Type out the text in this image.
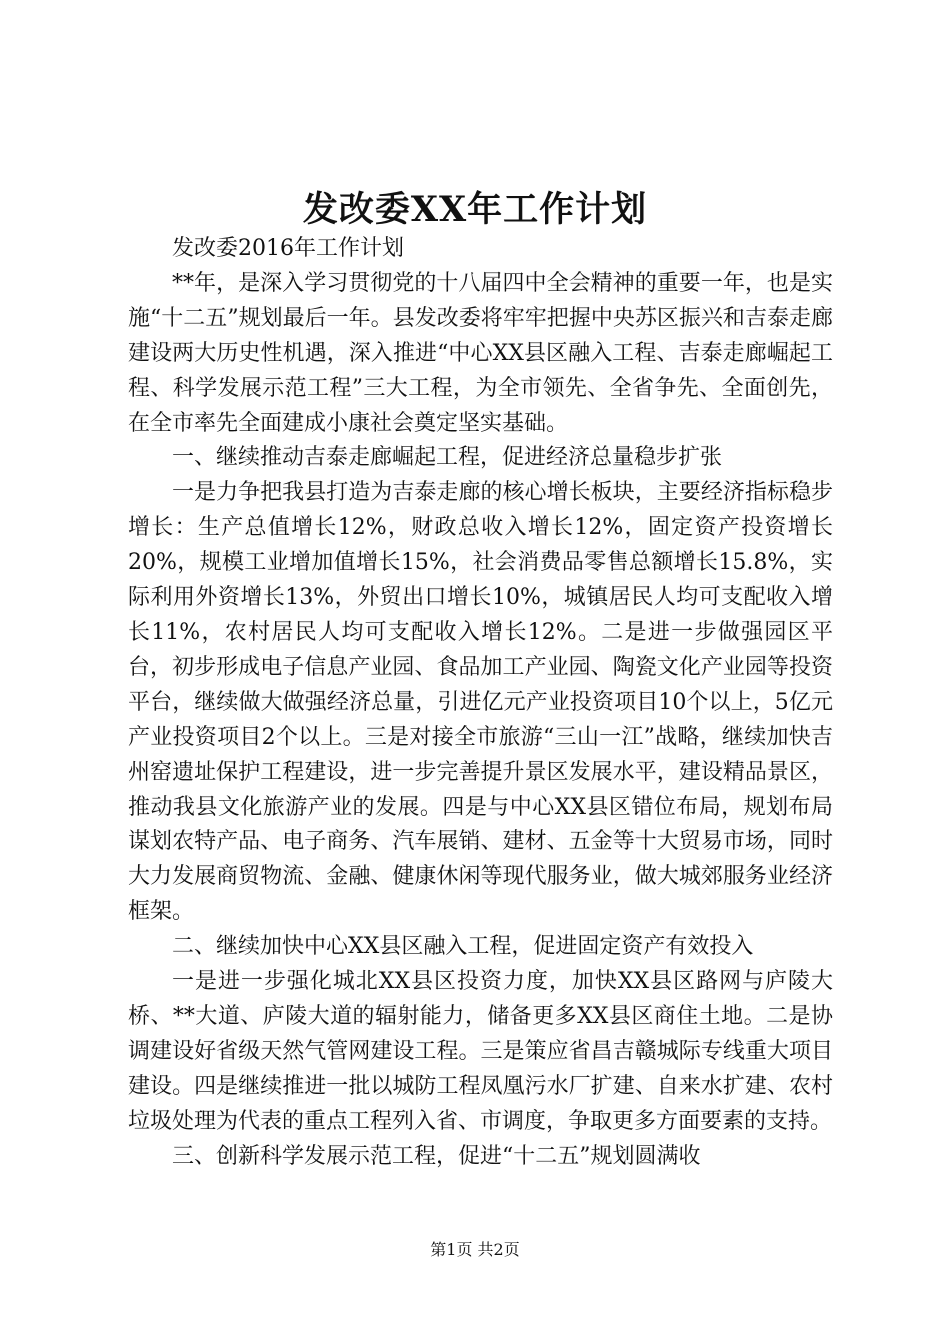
发改委XX年工作计划

发改委2016年工作计划

**年，是深入学习贯彻党的十八届四中全会精神的重要一年，也是实施“十二五”规划最后一年。县发改委将牢牢把握中央苏区振兴和吉泰走廊建设两大历史性机遇，深入推进“中心XX县区融入工程、吉泰走廊崛起工程、科学发展示范工程”三大工程，为全市领先、全省争先、全面创先，在全市率先全面建成小康社会奠定坚实基础。

一、继续推动吉泰走廊崛起工程，促进经济总量稳步扩张

一是力争把我县打造为吉泰走廊的核心增长板块，主要经济指标稳步增长：生产总值增长12%，财政总收入增长12%，固定资产投资增长20%，规模工业增加值增长15%，社会消费品零售总额增长15.8%，实际利用外资增长13%，外贸出口增长10%，城镇居民人均可支配收入增长11%，农村居民人均可支配收入增长12%。二是进一步做强园区平台，初步形成电子信息产业园、食品加工产业园、陶瓷文化产业园等投资平台，继续做大做强经济总量，引进亿元产业投资项目10个以上，5亿元产业投资项目2个以上。三是对接全市旅游“三山一江”战略，继续加快吉州窑遗址保护工程建设，进一步完善提升景区发展水平，建设精品景区，推动我县文化旅游产业的发展。四是与中心XX县区错位布局，规划布局谋划农特产品、电子商务、汽车展销、建材、五金等十大贸易市场，同时大力发展商贸物流、金融、健康休闲等现代服务业，做大城郊服务业经济框架。

二、继续加快中心XX县区融入工程，促进固定资产有效投入

一是进一步强化城北XX县区投资力度，加快XX县区路网与庐陵大桥、**大道、庐陵大道的辐射能力，储备更多XX县区商住土地。二是协调建设好省级天然气管网建设工程。三是策应省昌吉赣城际专线重大项目建设。四是继续推进一批以城防工程凤凰污水厂扩建、自来水扩建、农村垃圾处理为代表的重点工程列入省、市调度，争取更多方面要素的支持。

三、创新科学发展示范工程，促进“十二五”规划圆满收

第1页 共2页
